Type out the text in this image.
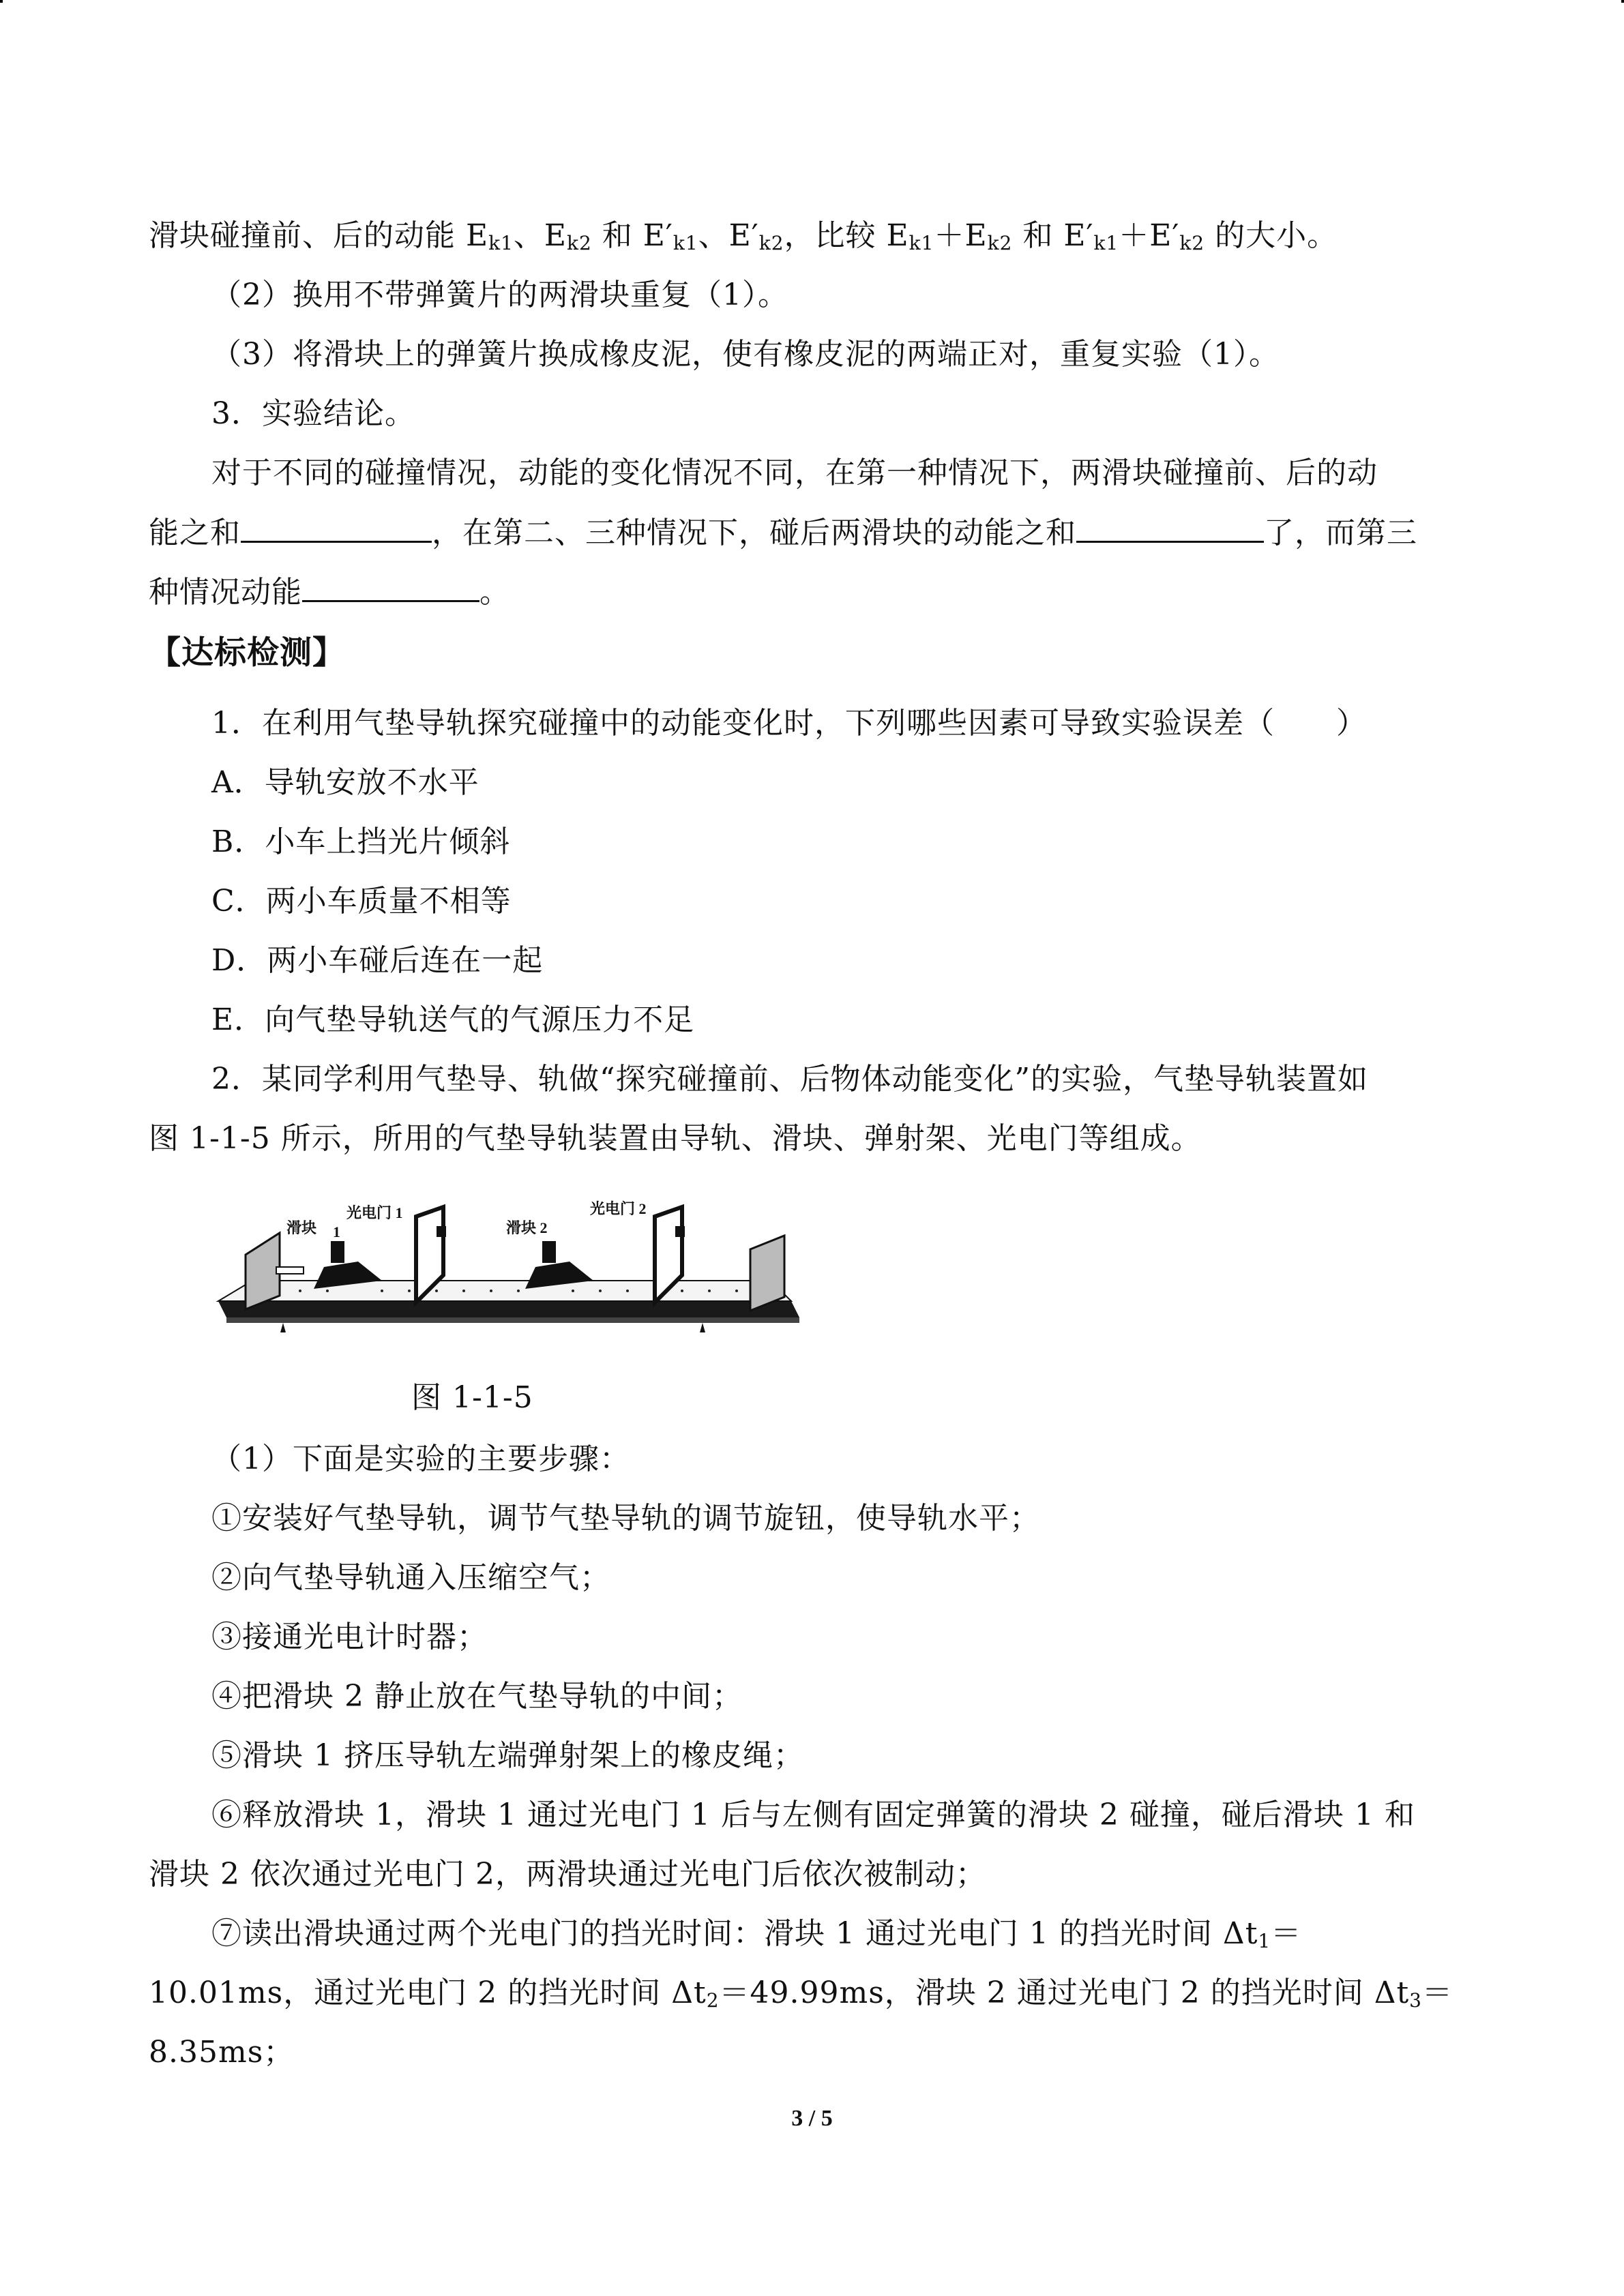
滑块碰撞前、后的动能 $E_{k1}$、$E_{k2}$ 和 $E'_{k1}$、$E'_{k2}$，比较 $E_{k1}+E_{k2}$ 和 $E'_{k1}+E'_{k2}$ 的大小。
（2）换用不带弹簧片的两滑块重复（1）。
（3）将滑块上的弹簧片换成橡皮泥，使有橡皮泥的两端正对，重复实验（1）。
3．实验结论。
对于不同的碰撞情况，动能的变化情况不同，在第一种情况下，两滑块碰撞前、后的动
能之和	，在第二、三种情况下，碰后两滑块的动能之和	了，而第三
种情况动能	。
【达标检测】
1．在利用气垫导轨探究碰撞中的动能变化时，下列哪些因素可导致实验误差（　　）
A．导轨安放不水平
B．小车上挡光片倾斜
C．两小车质量不相等
D．两小车碰后连在一起
E．向气垫导轨送气的气源压力不足
2．某同学利用气垫导、轨做“探究碰撞前、后物体动能变化”的实验，气垫导轨装置如
图 1-1-5 所示，所用的气垫导轨装置由导轨、滑块、弹射架、光电门等组成。
滑块 1
光电门 1
滑块 2
光电门 2
图 1-1-5
（1）下面是实验的主要步骤：
①安装好气垫导轨，调节气垫导轨的调节旋钮，使导轨水平；
②向气垫导轨通入压缩空气；
③接通光电计时器；
④把滑块 2 静止放在气垫导轨的中间；
⑤滑块 1 挤压导轨左端弹射架上的橡皮绳；
⑥释放滑块 1，滑块 1 通过光电门 1 后与左侧有固定弹簧的滑块 2 碰撞，碰后滑块 1 和
滑块 2 依次通过光电门 2，两滑块通过光电门后依次被制动；
⑦读出滑块通过两个光电门的挡光时间：滑块 1 通过光电门 1 的挡光时间 $\Delta t_1=$
10.01ms，通过光电门 2 的挡光时间 $\Delta t_2=49.99ms$，滑块 2 通过光电门 2 的挡光时间 $\Delta t_3=$
8.35ms；
3 / 5
